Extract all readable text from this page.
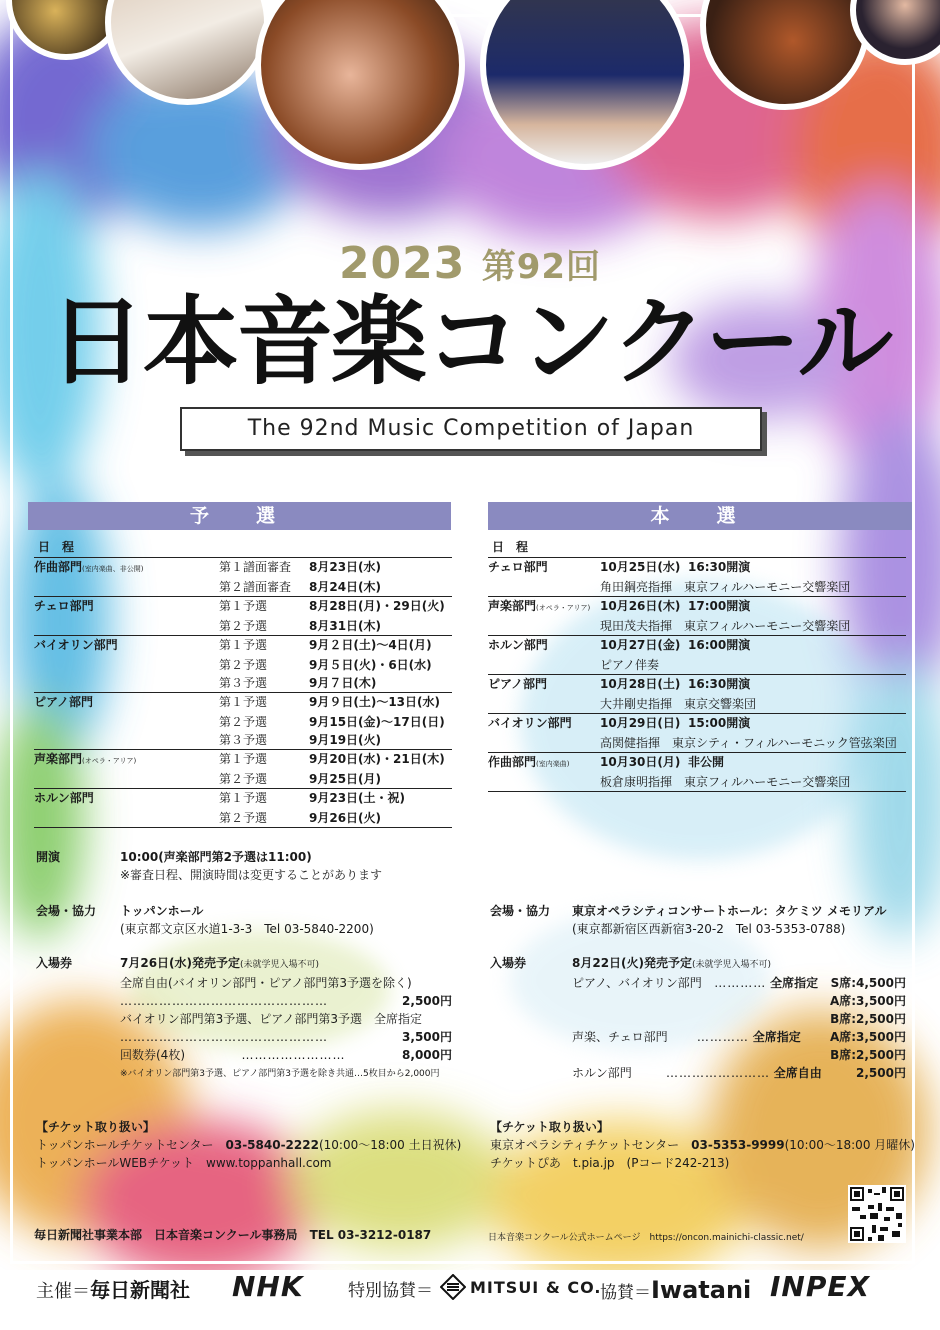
2023 第92回
日本音楽コンクール
The 92nd Music Competition of Japan
予　選
日　程
作曲部門(室内楽曲、非公開)	第１譜面審査	8月23日(水)
	第２譜面審査	8月24日(木)
チェロ部門	第１予選	8月28日(月)・29日(火)
	第２予選	8月31日(木)
バイオリン部門	第１予選	9月２日(土)～4日(月)
	第２予選	9月５日(火)・6日(水)
	第３予選	9月７日(木)
ピアノ部門	第１予選	9月９日(土)～13日(水)
	第２予選	9月15日(金)～17日(日)
	第３予選	9月19日(火)
声楽部門(オペラ・アリア)	第１予選	9月20日(水)・21日(木)
	第２予選	9月25日(月)
ホルン部門	第１予選	9月23日(土・祝)
	第２予選	9月26日(火)

開演	10:00(声楽部門第2予選は11:00)
※審査日程、開演時間は変更することがあります
会場・協力 トッパンホール
(東京都文京区水道1-3-3　Tel 03-5840-2200)
入場券	7月26日(水)発売予定(未就学児入場不可)
全席自由(バイオリン部門・ピアノ部門第3予選を除く)
…………………………………………	2,500円
バイオリン部門第3予選、ピアノ部門第3予選　全席指定
…………………………………………	3,500円
回数券(4枚)	……………………	8,000円
※バイオリン部門第3予選、ピアノ部門第3予選を除き共通…5枚目から2,000円
【チケット取り扱い】
トッパンホールチケットセンター　 03-5840-2222(10:00～18:00 土日祝休)
トッパンホールWEBチケット　 www.toppanhall.com
本　選
日　程
チェロ部門	10月25日(水)	16:30開演
	角田鋼亮指揮　東京フィルハーモニー交響楽団	
声楽部門(オペラ・アリア)	10月26日(木)	17:00開演
	現田茂夫指揮　東京フィルハーモニー交響楽団	
ホルン部門	10月27日(金)	16:00開演
	ピアノ伴奏	
ピアノ部門	10月28日(土)	16:30開演
	大井剛史指揮　東京交響楽団	
バイオリン部門	10月29日(日)	15:00開演
	高関健指揮　東京シティ・フィルハーモニック管弦楽団	
作曲部門(室内楽曲)	10月30日(月)	非公開
	板倉康明指揮　東京フィルハーモニー交響楽団	

会場・協力 東京オペラシティコンサートホール：タケミツ メモリアル
(東京都新宿区西新宿3-20-2　Tel 03-5353-0788)
入場券	8月22日(火)発売予定(未就学児入場不可)
ピアノ、バイオリン部門 ………… 全席指定 S席:4,500円
A席:3,500円
B席:2,500円
声楽、チェロ部門 ………… 全席指定 A席:3,500円
B席:2,500円
ホルン部門	…………………… 全席自由	2,500円
【チケット取り扱い】
東京オペラシティチケットセンター　 03-5353-9999(10:00～18:00 月曜休)
チケットぴあ　 t.pia.jp　 (Pコード242-213)
毎日新聞社事業本部　 日本音楽コンクール事務局　 TEL 03-3212-0187	日本音楽コンクール公式ホームページ　 https://oncon.mainichi-classic.net/
主催＝毎日新聞社 NHK	特別協賛＝ MITSUI & CO.
協賛＝Iwatani INPEX
